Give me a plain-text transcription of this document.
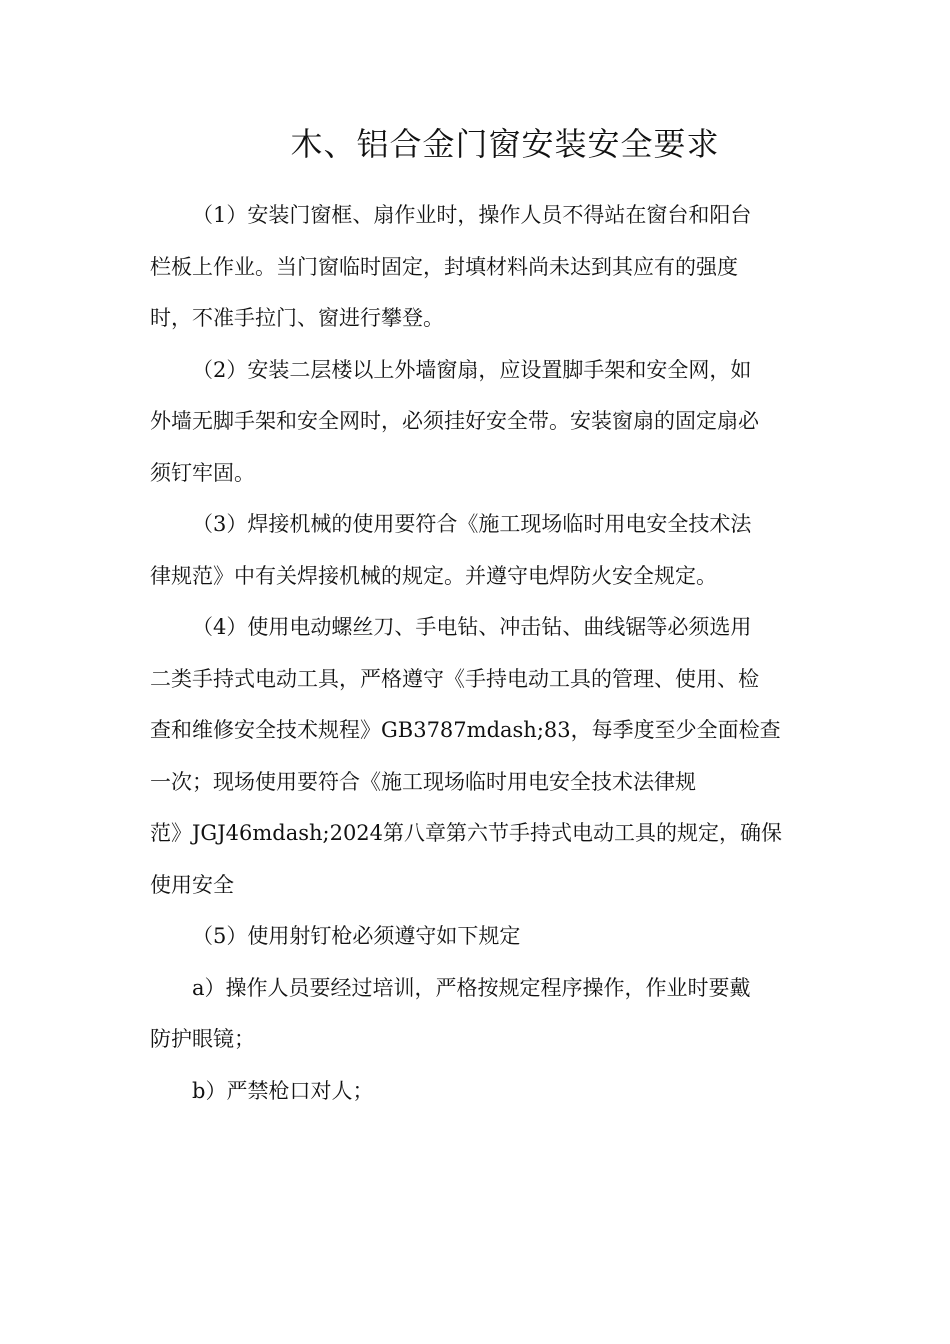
木、铝合金门窗安装安全要求

（1）安装门窗框、扇作业时，操作人员不得站在窗台和阳台
栏板上作业。当门窗临时固定，封填材料尚未达到其应有的强度
时，不准手拉门、窗进行攀登。

（2）安装二层楼以上外墙窗扇，应设置脚手架和安全网，如
外墙无脚手架和安全网时，必须挂好安全带。安装窗扇的固定扇必
须钉牢固。

（3）焊接机械的使用要符合《施工现场临时用电安全技术法
律规范》中有关焊接机械的规定。并遵守电焊防火安全规定。

（4）使用电动螺丝刀、手电钻、冲击钻、曲线锯等必须选用
二类手持式电动工具，严格遵守《手持电动工具的管理、使用、检
查和维修安全技术规程》GB3787mdash;83，每季度至少全面检查
一次；现场使用要符合《施工现场临时用电安全技术法律规
范》JGJ46mdash;2024第八章第六节手持式电动工具的规定，确保
使用安全

（5）使用射钉枪必须遵守如下规定

a）操作人员要经过培训，严格按规定程序操作，作业时要戴
防护眼镜；

b）严禁枪口对人；
